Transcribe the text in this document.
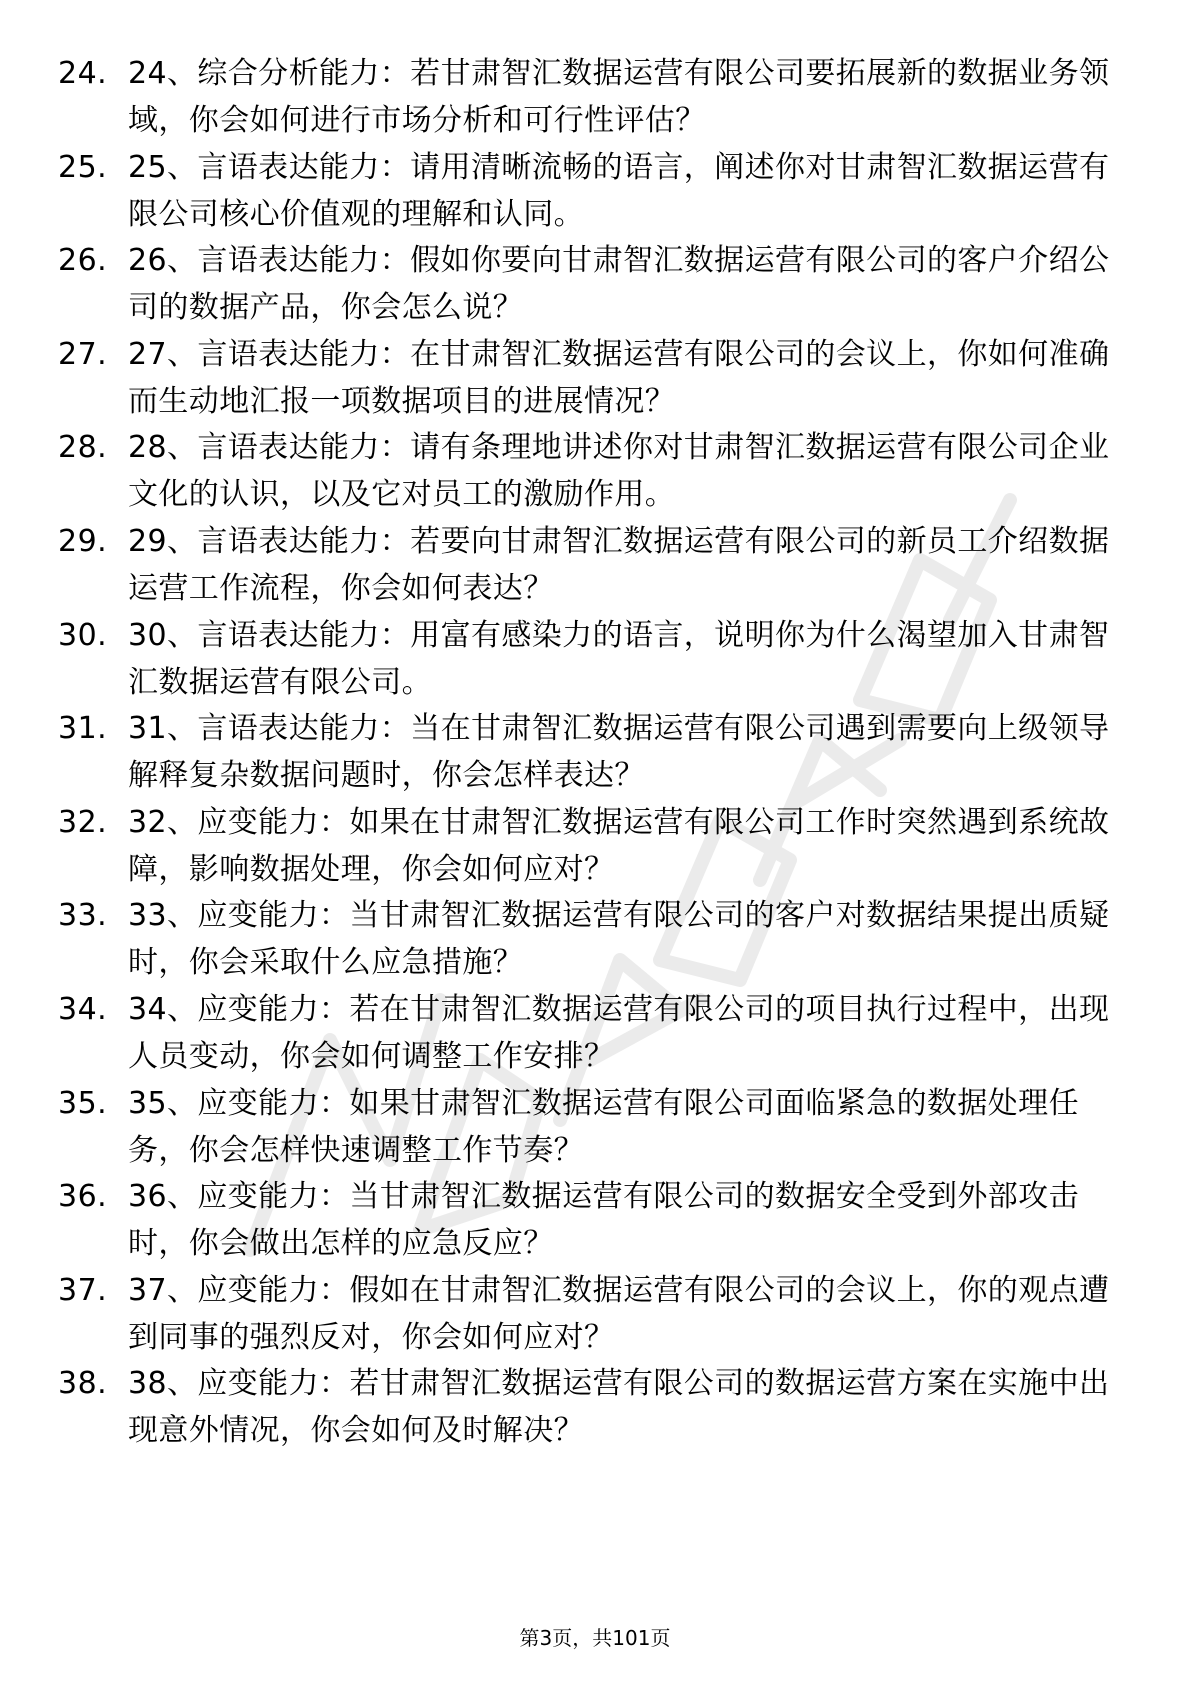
24. 24、综合分析能力：若甘肃智汇数据运营有限公司要拓展新的数据业务领域，你会如何进行市场分析和可行性评估？
25. 25、言语表达能力：请用清晰流畅的语言，阐述你对甘肃智汇数据运营有限公司核心价值观的理解和认同。
26. 26、言语表达能力：假如你要向甘肃智汇数据运营有限公司的客户介绍公司的数据产品，你会怎么说？
27. 27、言语表达能力：在甘肃智汇数据运营有限公司的会议上，你如何准确而生动地汇报一项数据项目的进展情况？
28. 28、言语表达能力：请有条理地讲述你对甘肃智汇数据运营有限公司企业文化的认识，以及它对员工的激励作用。
29. 29、言语表达能力：若要向甘肃智汇数据运营有限公司的新员工介绍数据运营工作流程，你会如何表达？
30. 30、言语表达能力：用富有感染力的语言，说明你为什么渴望加入甘肃智汇数据运营有限公司。
31. 31、言语表达能力：当在甘肃智汇数据运营有限公司遇到需要向上级领导解释复杂数据问题时，你会怎样表达？
32. 32、应变能力：如果在甘肃智汇数据运营有限公司工作时突然遇到系统故障，影响数据处理，你会如何应对？
33. 33、应变能力：当甘肃智汇数据运营有限公司的客户对数据结果提出质疑时，你会采取什么应急措施？
34. 34、应变能力：若在甘肃智汇数据运营有限公司的项目执行过程中，出现人员变动，你会如何调整工作安排？
35. 35、应变能力：如果甘肃智汇数据运营有限公司面临紧急的数据处理任务，你会怎样快速调整工作节奏？
36. 36、应变能力：当甘肃智汇数据运营有限公司的数据安全受到外部攻击时，你会做出怎样的应急反应？
37. 37、应变能力：假如在甘肃智汇数据运营有限公司的会议上，你的观点遭到同事的强烈反对，你会如何应对？
38. 38、应变能力：若甘肃智汇数据运营有限公司的数据运营方案在实施中出现意外情况，你会如何及时解决？
第3页，共101页
